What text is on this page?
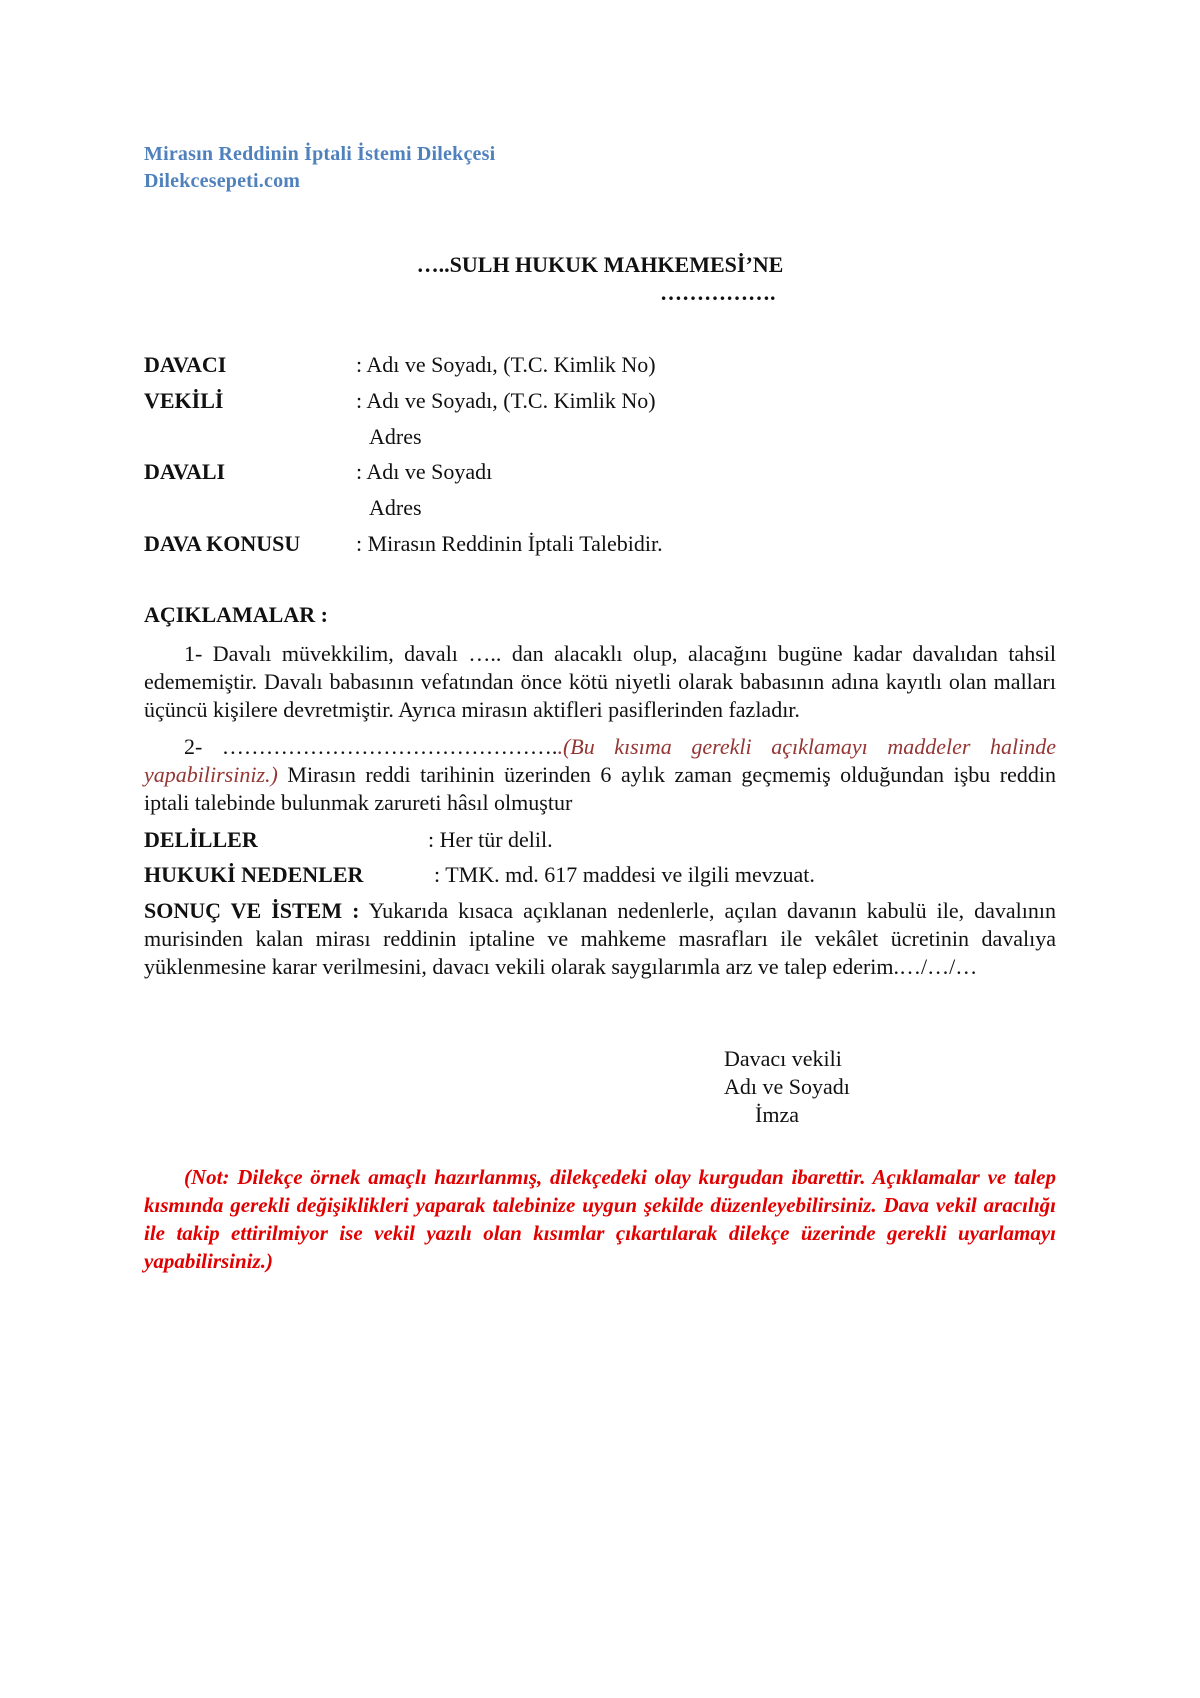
Mirasın Reddinin İptali İstemi Dilekçesi
Dilekcesepeti.com
…..SULH HUKUK MAHKEMESİ’NE
…………….
DAVACI	: Adı ve Soyadı, (T.C. Kimlik No)
VEKİLİ	: Adı ve Soyadı, (T.C. Kimlik No)
Adres
DAVALI	: Adı ve Soyadı
Adres
DAVA KONUSU	: Mirasın Reddinin İptali Talebidir.
AÇIKLAMALAR :
1- Davalı müvekkilim, davalı ….. dan alacaklı olup, alacağını bugüne kadar davalıdan tahsil edememiştir. Davalı babasının vefatından önce kötü niyetli olarak babasının adına kayıtlı olan malları üçüncü kişilere devretmiştir. Ayrıca mirasın aktifleri pasiflerinden fazladır.
2- ………………………………………..(Bu kısıma gerekli açıklamayı maddeler halinde yapabilirsiniz.) Mirasın reddi tarihinin üzerinden 6 aylık zaman geçmemiş olduğundan işbu reddin iptali talebinde bulunmak zarureti hâsıl olmuştur
DELİLLER	: Her tür delil.
HUKUKİ NEDENLER	: TMK. md. 617 maddesi ve ilgili mevzuat.
SONUÇ VE İSTEM : Yukarıda kısaca açıklanan nedenlerle, açılan davanın kabulü ile, davalının murisinden kalan mirası reddinin iptaline ve mahkeme masrafları ile vekâlet ücretinin davalıya yüklenmesine karar verilmesini, davacı vekili olarak saygılarımla arz ve talep ederim.…/…/…
Davacı vekili
Adı ve Soyadı
İmza
(Not: Dilekçe örnek amaçlı hazırlanmış, dilekçedeki olay kurgudan ibarettir. Açıklamalar ve talep kısmında gerekli değişiklikleri yaparak talebinize uygun şekilde düzenleyebilirsiniz. Dava vekil aracılığı ile takip ettirilmiyor ise vekil yazılı olan kısımlar çıkartılarak dilekçe üzerinde gerekli uyarlamayı yapabilirsiniz.)
